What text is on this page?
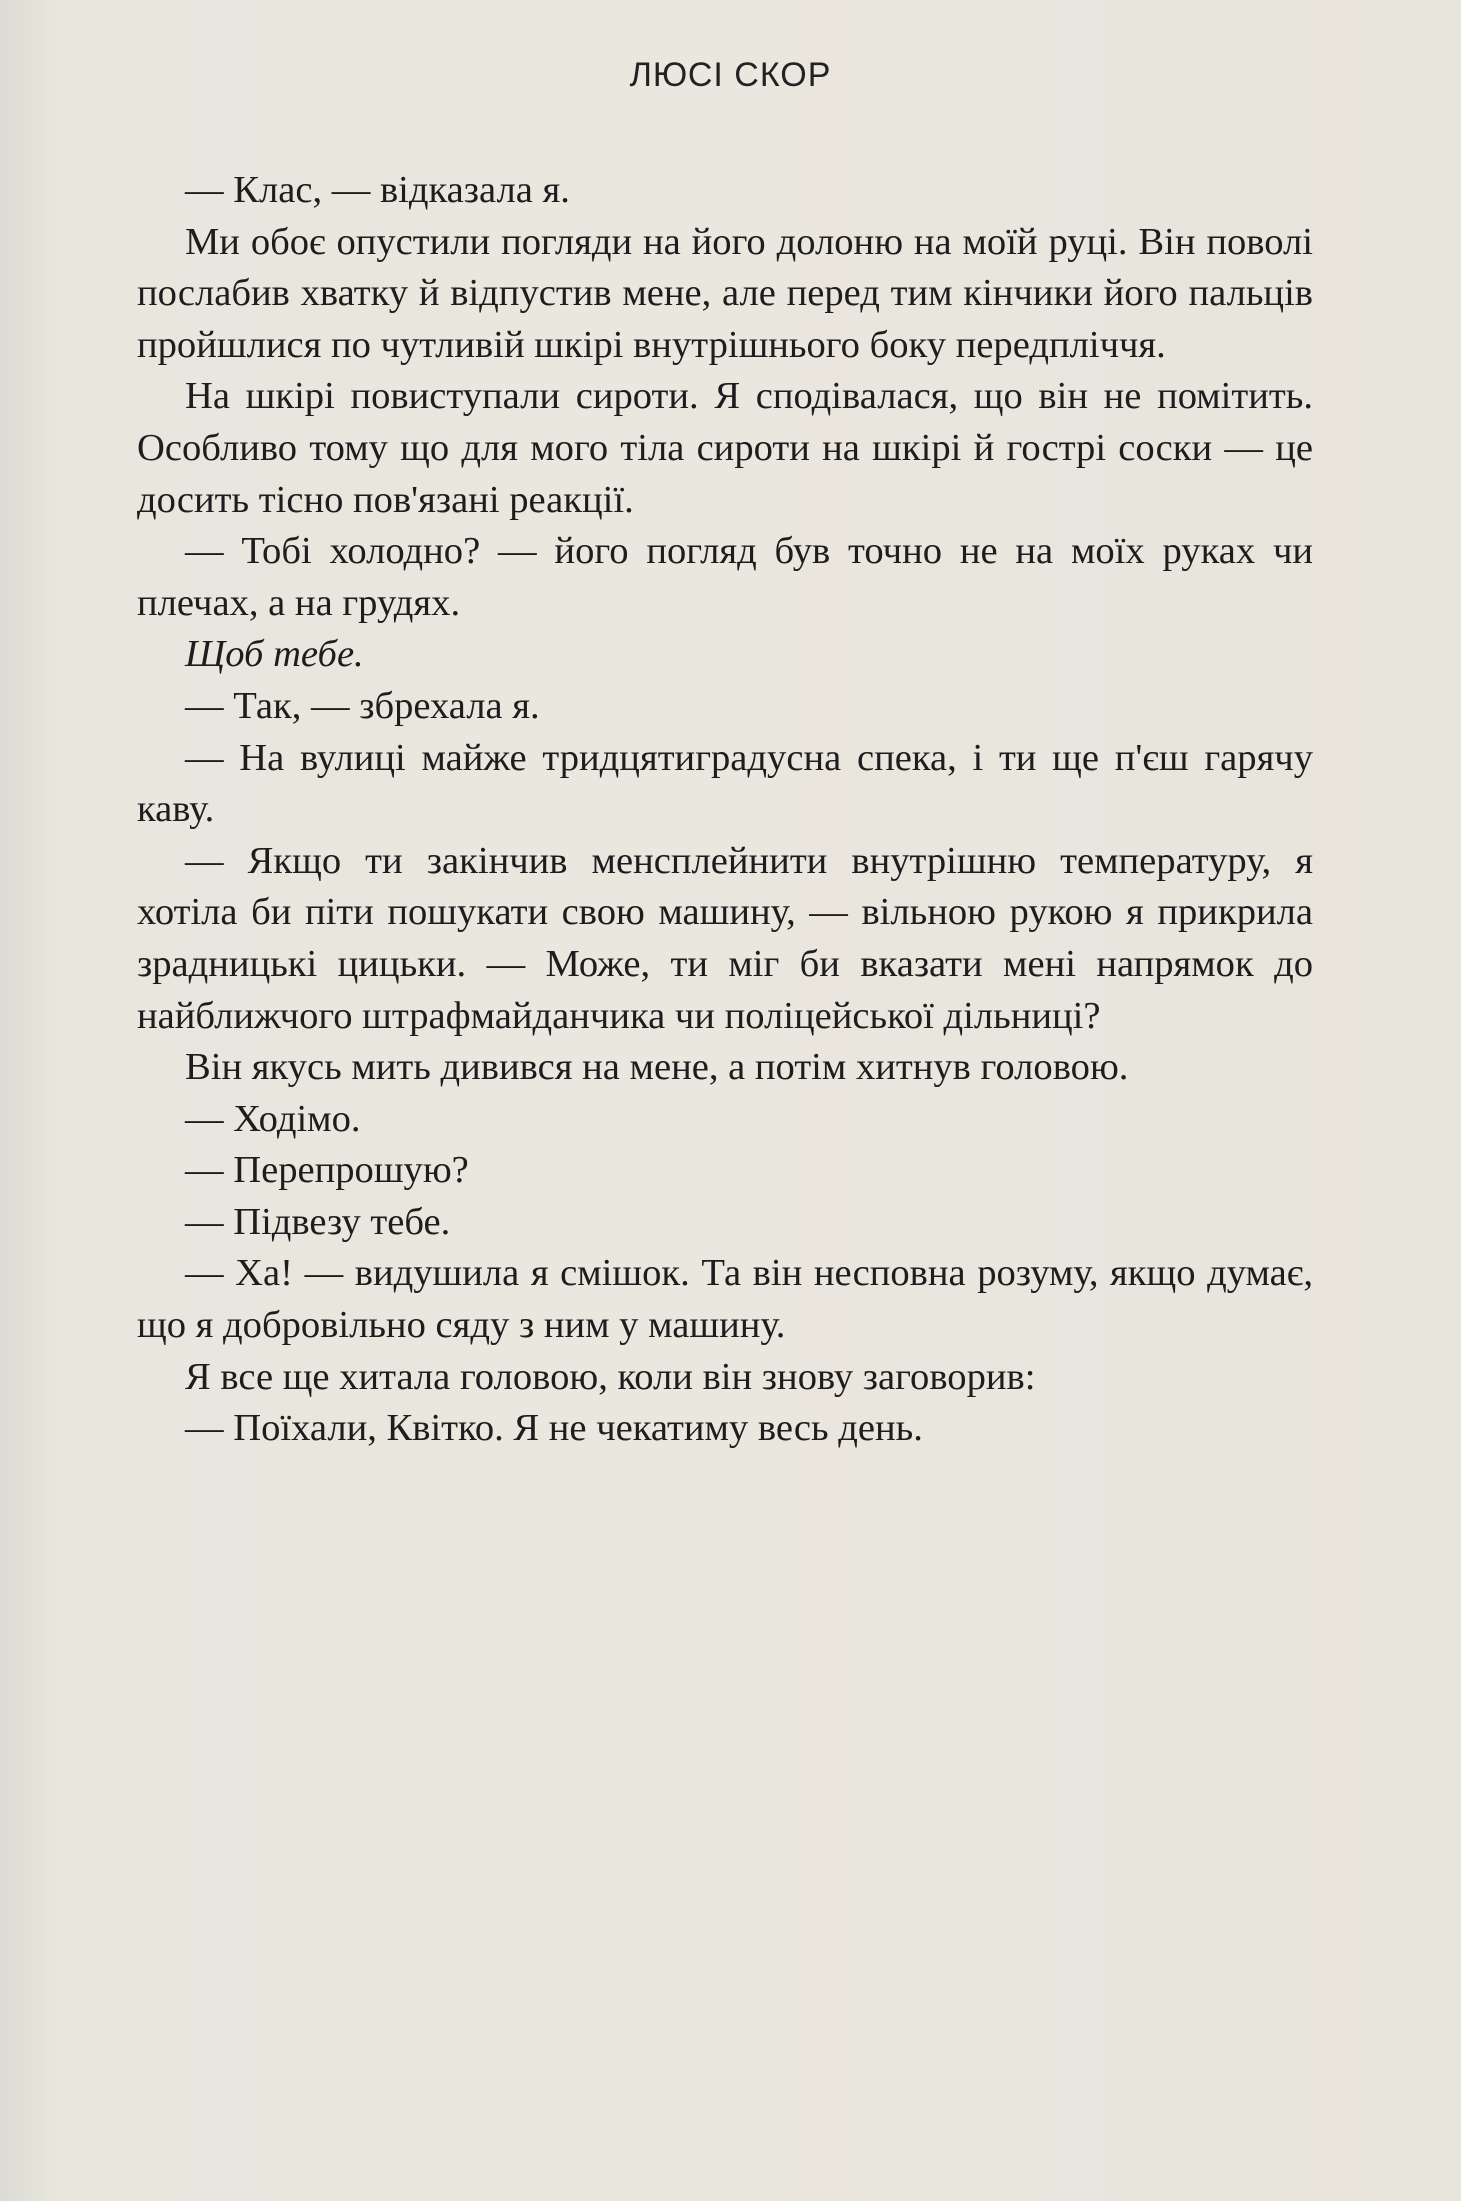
ЛЮСІ СКОР

— Клас, — відказала я.

Ми обоє опустили погляди на його долоню на моїй руці. Він поволі послабив хватку й відпустив мене, але перед тим кінчики його пальців пройшлися по чутливій шкірі внутрішнього боку передпліччя.

На шкірі повиступали сироти. Я сподівалася, що він не помітить. Особливо тому що для мого тіла сироти на шкірі й гострі соски — це досить тісно пов'язані реакції.

— Тобі холодно? — його погляд був точно не на моїх руках чи плечах, а на грудях.

Щоб тебе.

— Так, — збрехала я.

— На вулиці майже тридцятиградусна спека, і ти ще п'єш гарячу каву.

— Якщо ти закінчив менсплейнити внутрішню температуру, я хотіла би піти пошукати свою машину, — вільною рукою я прикрила зрадницькі цицьки. — Може, ти міг би вказати мені напрямок до найближчого штрафмайданчика чи поліцейської дільниці?

Він якусь мить дивився на мене, а потім хитнув головою.

— Ходімо.

— Перепрошую?

— Підвезу тебе.

— Ха! — видушила я смішок. Та він несповна розуму, якщо думає, що я добровільно сяду з ним у машину.

Я все ще хитала головою, коли він знову заговорив:

— Поїхали, Квітко. Я не чекатиму весь день.
